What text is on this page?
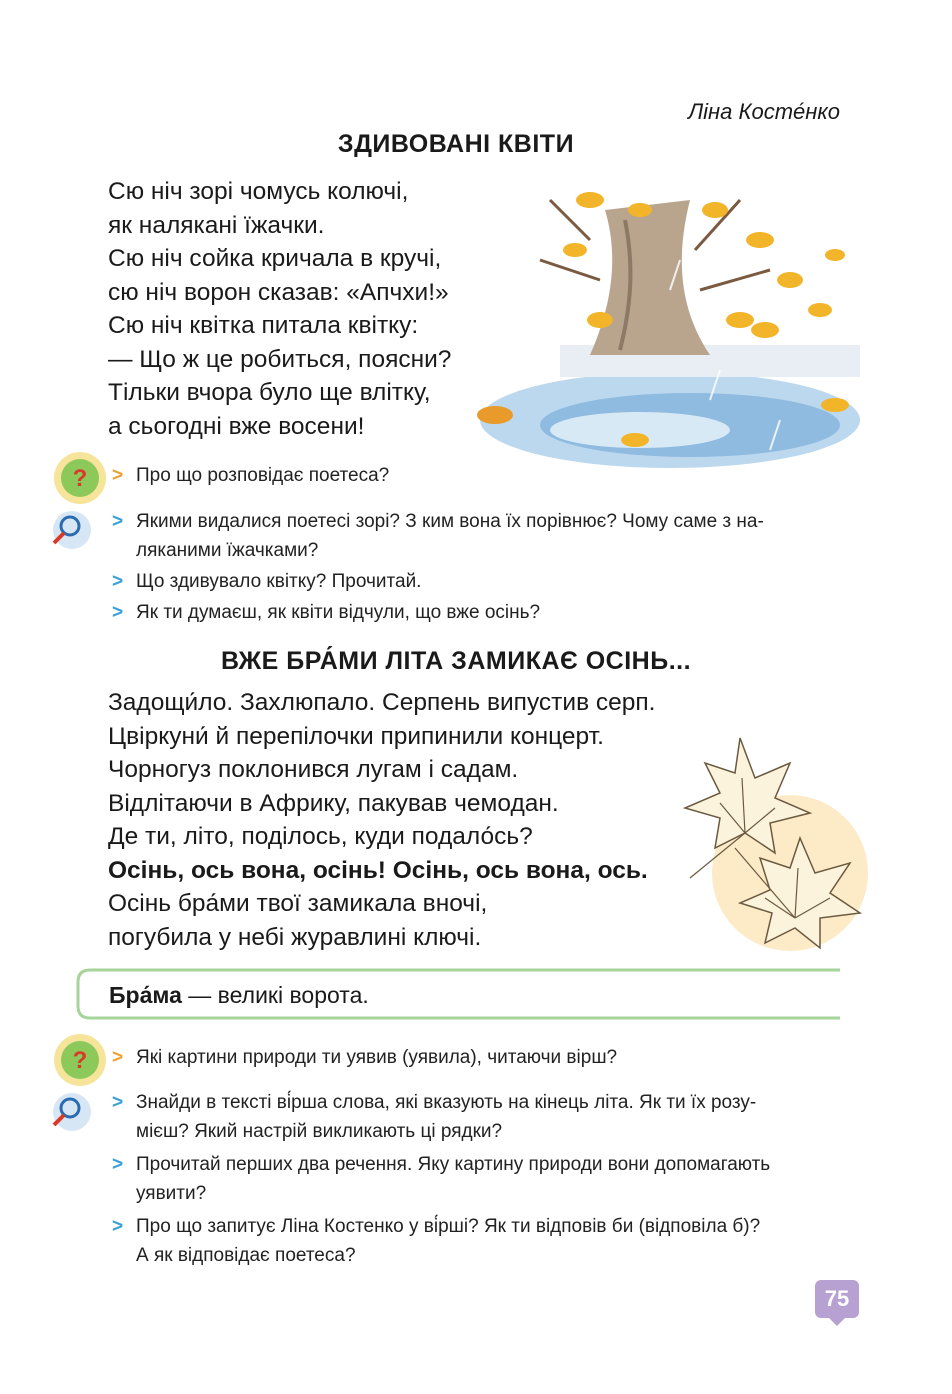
Ліна Косте́нко
ЗДИВОВАНІ КВІТИ
Сю ніч зорі чомусь колючі,
як налякані їжачки.
Сю ніч сойка кричала в кручі,
сю ніч ворон сказав: «Апчхи!»
Сю ніч квітка питала квітку:
— Що ж це робиться, поясни?
Тільки вчора було ще влітку,
а сьогодні вже восени!
? > Про що розповідає поетеса?
> Якими видалися поетесі зорі? З ким вона їх порівнює? Чому саме з на-
ляканими їжачками?
> Що здивувало квітку? Прочитай.
> Як ти думаєш, як квіти відчули, що вже осінь?
ВЖЕ БРА́МИ ЛІТА ЗАМИКАЄ ОСІНЬ...
Задощи́ло. Захлюпало. Серпень випустив серп.
Цвіркуни́ й перепілочки припинили концерт.
Чорногуз поклонився лугам і садам.
Відлітаючи в Африку, пакував чемодан.
Де ти, літо, поділось, куди подало́сь?
Осінь, ось вона, осінь! Осінь, ось вона, ось.
Осінь бра́ми твої замикала вночі,
погубила у небі журавлині ключі.
Бра́ма — великі ворота.
? > Які картини природи ти уявив (уявила), читаючи вірш?
> Знайди в тексті ві́рша слова, які вказують на кінець літа. Як ти їх розу-
мієш? Який настрій викликають ці рядки?
> Прочитай перших два речення. Яку картину природи вони допомагають
уявити?
> Про що запитує Ліна Костенко у ві́рші? Як ти відповів би (відповіла б)?
А як відповідає поетеса?
75
